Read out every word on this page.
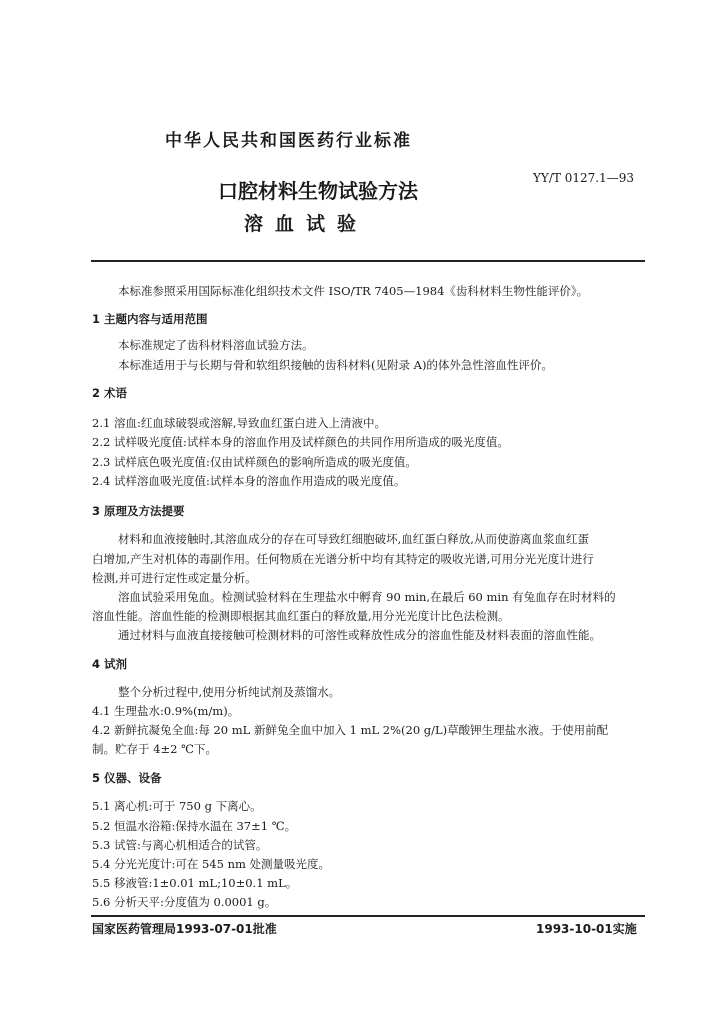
中华人民共和国医药行业标准
YY/T 0127.1—93
口腔材料生物试验方法
溶血试验
本标准参照采用国际标准化组织技术文件 ISO/TR 7405—1984《齿科材料生物性能评价》。
1 主题内容与适用范围
本标准规定了齿科材料溶血试验方法。
本标准适用于与长期与骨和软组织接触的齿科材料(见附录 A)的体外急性溶血性评价。
2 术语
2.1 溶血:红血球破裂或溶解,导致血红蛋白进入上清液中。
2.2 试样吸光度值:试样本身的溶血作用及试样颜色的共同作用所造成的吸光度值。
2.3 试样底色吸光度值:仅由试样颜色的影响所造成的吸光度值。
2.4 试样溶血吸光度值:试样本身的溶血作用造成的吸光度值。
3 原理及方法提要
材料和血液接触时,其溶血成分的存在可导致红细胞破坏,血红蛋白释放,从而使游离血浆血红蛋
白增加,产生对机体的毒副作用。任何物质在光谱分析中均有其特定的吸收光谱,可用分光光度计进行
检测,并可进行定性或定量分析。
溶血试验采用兔血。检测试验材料在生理盐水中孵育 90 min,在最后 60 min 有兔血存在时材料的
溶血性能。溶血性能的检测即根据其血红蛋白的释放量,用分光光度计比色法检测。
通过材料与血液直接接触可检测材料的可溶性或释放性成分的溶血性能及材料表面的溶血性能。
4 试剂
整个分析过程中,使用分析纯试剂及蒸馏水。
4.1 生理盐水:0.9%(m/m)。
4.2 新鲜抗凝兔全血:每 20 mL 新鲜兔全血中加入 1 mL 2%(20 g/L)草酸钾生理盐水液。于使用前配
制。贮存于 4±2 ℃下。
5 仪器、设备
5.1 离心机:可于 750 g 下离心。
5.2 恒温水浴箱:保持水温在 37±1 ℃。
5.3 试管:与离心机相适合的试管。
5.4 分光光度计:可在 545 nm 处测量吸光度。
5.5 移液管:1±0.01 mL;10±0.1 mL。
5.6 分析天平:分度值为 0.0001 g。
国家医药管理局1993-07-01批准	1993-10-01实施
